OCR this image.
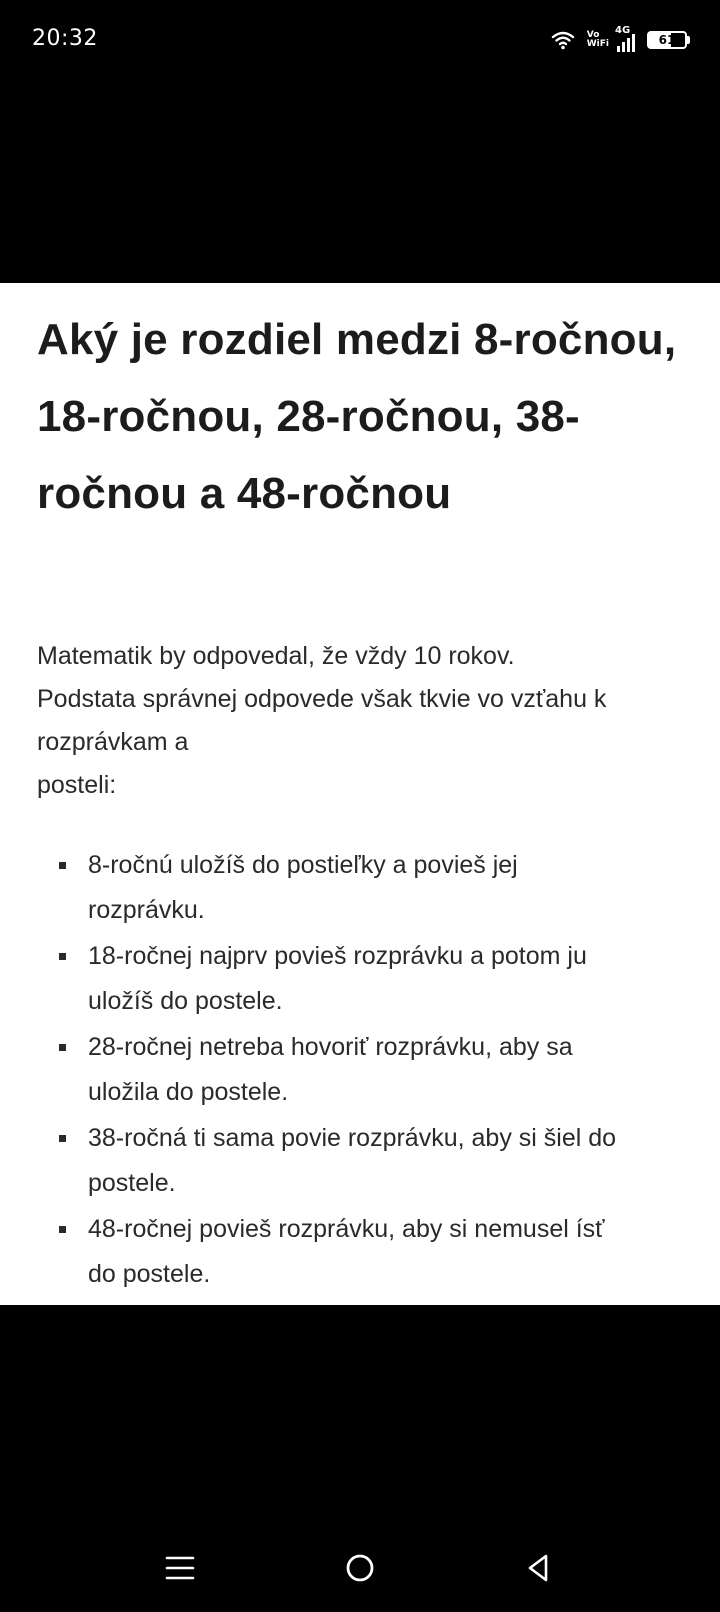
20:32	Vo
WiFi
4G
61
Aký je rozdiel medzi 8-ročnou, 18-ročnou, 28-ročnou, 38-ročnou a 48-ročnou

Matematik by odpovedal, že vždy 10 rokov.
Podstata správnej odpovede však tkvie vo vzťahu k
rozprávkam a
posteli:

8-ročnú uložíš do postieľky a povieš jej
rozprávku.
18-ročnej najprv povieš rozprávku a potom ju
uložíš do postele.
28-ročnej netreba hovoriť rozprávku, aby sa
uložila do postele.
38-ročná ti sama povie rozprávku, aby si šiel do
postele.
48-ročnej povieš rozprávku, aby si nemusel ísť
do postele.
